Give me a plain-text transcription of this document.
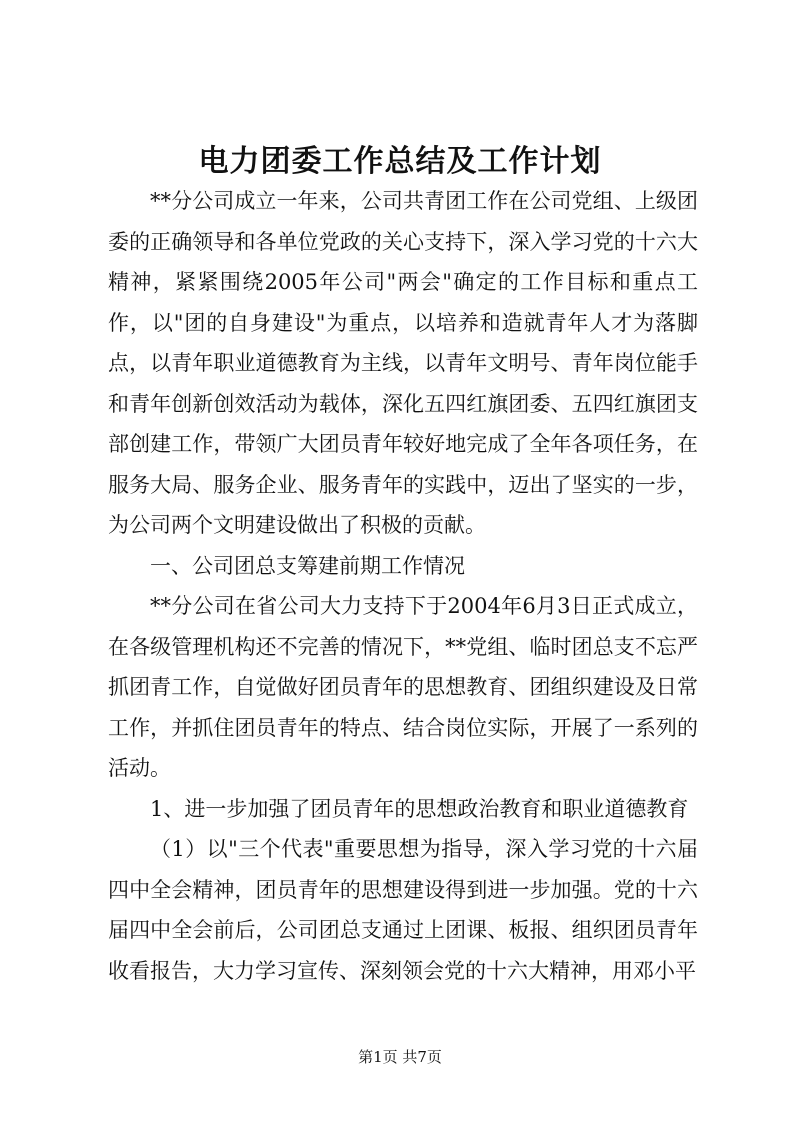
电力团委工作总结及工作计划

**分公司成立一年来，公司共青团工作在公司党组、上级团委的正确领导和各单位党政的关心支持下，深入学习党的十六大精神，紧紧围绕2005年公司"两会"确定的工作目标和重点工作，以"团的自身建设"为重点，以培养和造就青年人才为落脚点，以青年职业道德教育为主线，以青年文明号、青年岗位能手和青年创新创效活动为载体，深化五四红旗团委、五四红旗团支部创建工作，带领广大团员青年较好地完成了全年各项任务，在服务大局、服务企业、服务青年的实践中，迈出了坚实的一步，为公司两个文明建设做出了积极的贡献。

一、公司团总支筹建前期工作情况

**分公司在省公司大力支持下于2004年6月3日正式成立，在各级管理机构还不完善的情况下，**党组、临时团总支不忘严抓团青工作，自觉做好团员青年的思想教育、团组织建设及日常工作，并抓住团员青年的特点、结合岗位实际，开展了一系列的活动。

1、进一步加强了团员青年的思想政治教育和职业道德教育

（1）以"三个代表"重要思想为指导，深入学习党的十六届四中全会精神，团员青年的思想建设得到进一步加强。党的十六届四中全会前后，公司团总支通过上团课、板报、组织团员青年收看报告，大力学习宣传、深刻领会党的十六大精神，用邓小平

第1页 共7页
